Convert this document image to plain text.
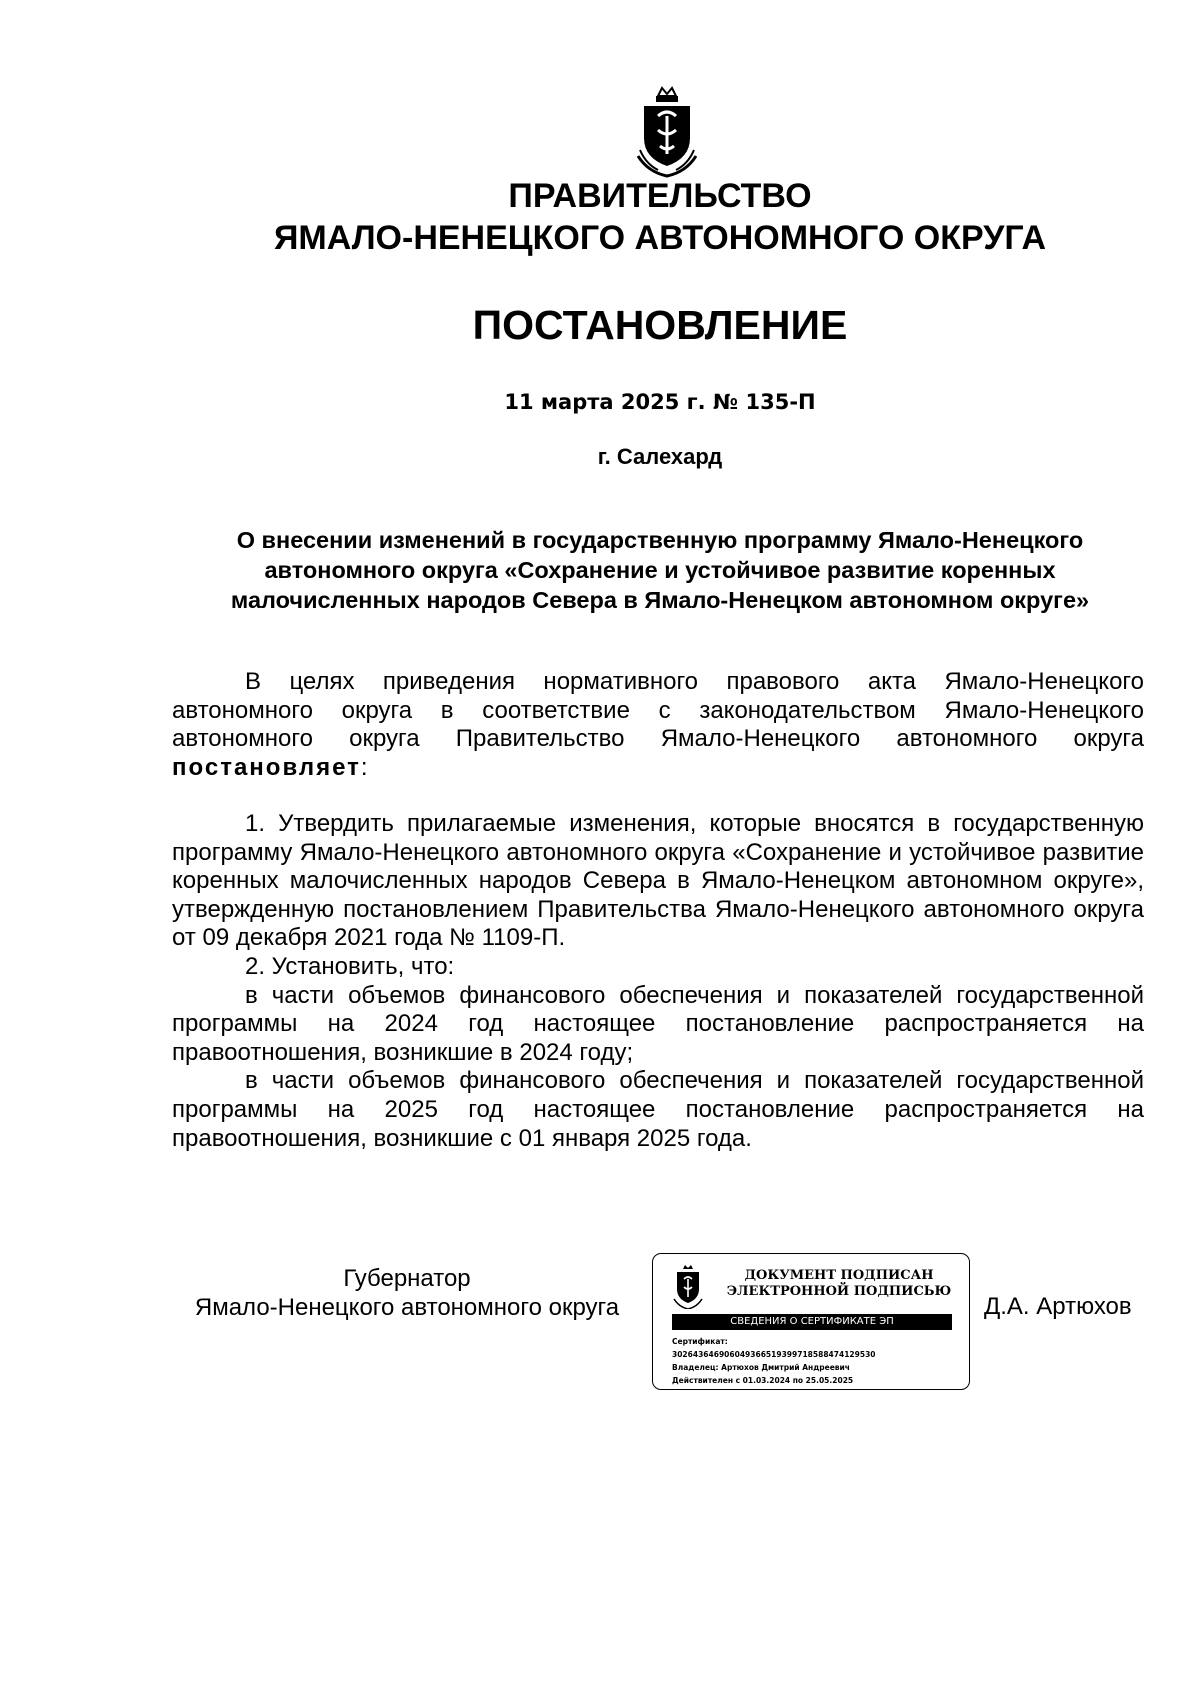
ПРАВИТЕЛЬСТВО
ЯМАЛО-НЕНЕЦКОГО АВТОНОМНОГО ОКРУГА
ПОСТАНОВЛЕНИЕ
11 марта 2025 г. № 135-П
г. Салехард
О внесении изменений в государственную программу Ямало-Ненецкого
автономного округа «Сохранение и устойчивое развитие коренных
малочисленных народов Севера в Ямало-Ненецком автономном округе»

В целях приведения нормативного правового акта Ямало-Ненецкого автономного округа в соответствие с законодательством Ямало-Ненецкого автономного округа Правительство Ямало-Ненецкого автономного округа постановляет:

1. Утвердить прилагаемые изменения, которые вносятся в государственную программу Ямало-Ненецкого автономного округа «Сохранение и устойчивое развитие коренных малочисленных народов Севера в Ямало-Ненецком автономном округе», утвержденную постановлением Правительства Ямало-Ненецкого автономного округа от 09 декабря 2021 года № 1109-П.

2. Установить, что:

в части объемов финансового обеспечения и показателей государственной программы на 2024 год настоящее постановление распространяется на правоотношения, возникшие в 2024 году;

в части объемов финансового обеспечения и показателей государственной программы на 2025 год настоящее постановление распространяется на правоотношения, возникшие с 01 января 2025 года.

Губернатор
Ямало-Ненецкого автономного округа
ДОКУМЕНТ ПОДПИСАН
ЭЛЕКТРОННОЙ ПОДПИСЬЮ
СВЕДЕНИЯ О СЕРТИФИКАТЕ ЭП
Сертификат:
30264364690604936651939971858847412953​0
Владелец: Артюхов Дмитрий Андреевич
Действителен с 01.03.2024 по 25.05.2025
Д.А. Артюхов
